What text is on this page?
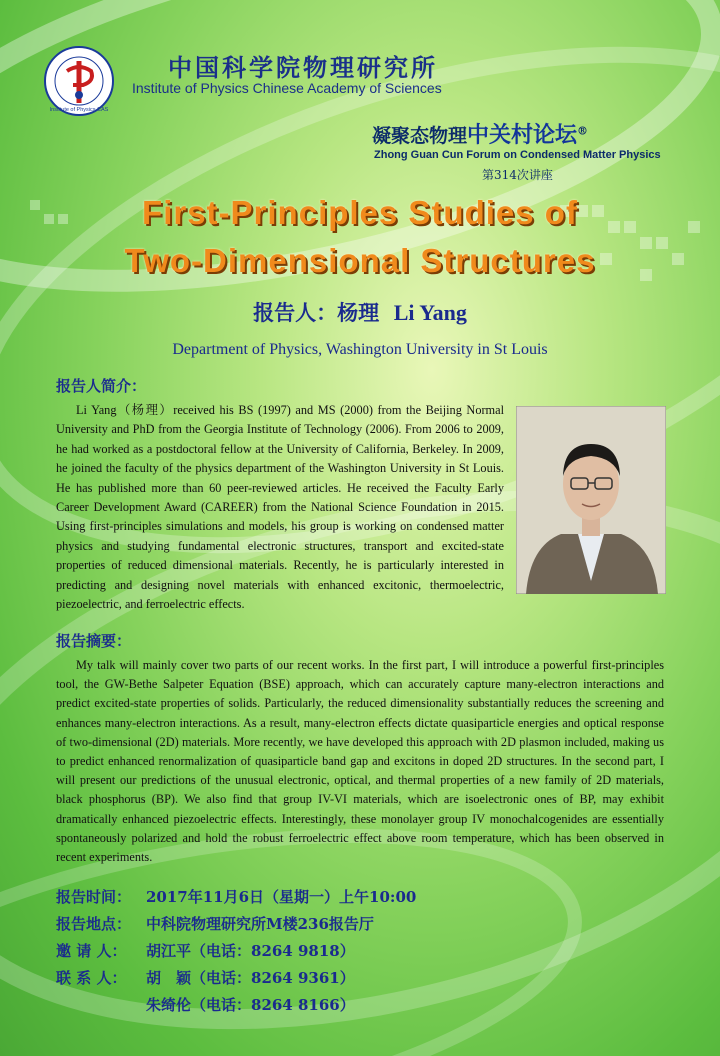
Institute of Physics CAS
中国科学院物理研究所
Institute of Physics Chinese Academy of Sciences
凝聚态物理中关村论坛®
Zhong Guan Cun Forum on Condensed Matter Physics
第314次讲座
First-Principles Studies of
Two-Dimensional Structures
报告人：杨理 Li Yang
Department of Physics, Washington University in St Louis
报告人简介：
Li Yang（杨理）received his BS (1997) and MS (2000) from the Beijing Normal University and PhD from the Georgia Institute of Technology (2006). From 2006 to 2009, he had worked as a postdoctoral fellow at the University of California, Berkeley. In 2009, he joined the faculty of the physics department of the Washington University in St Louis. He has published more than 60 peer-reviewed articles. He received the Faculty Early Career Development Award (CAREER) from the National Science Foundation in 2015. Using first-principles simulations and models, his group is working on condensed matter physics and studying fundamental electronic structures, transport and excited-state properties of reduced dimensional materials. Recently, he is particularly interested in predicting and designing novel materials with enhanced excitonic, thermoelectric, piezoelectric, and ferroelectric effects.
报告摘要：
My talk will mainly cover two parts of our recent works. In the first part, I will introduce a powerful first-principles tool, the GW-Bethe Salpeter Equation (BSE) approach, which can accurately capture many-electron interactions and predict excited-state properties of solids. Particularly, the reduced dimensionality substantially reduces the screening and enhances many-electron interactions. As a result, many-electron effects dictate quasiparticle energies and optical response of two-dimensional (2D) materials. More recently, we have developed this approach with 2D plasmon included, making us to predict enhanced renormalization of quasiparticle band gap and excitons in doped 2D structures. In the second part, I will present our predictions of the unusual electronic, optical, and thermal properties of a new family of 2D materials, black phosphorus (BP). We also find that group IV-VI materials, which are isoelectronic ones of BP, may exhibit dramatically enhanced piezoelectric effects. Interestingly, these monolayer group IV monochalcogenides are essentially spontaneously polarized and hold the robust ferroelectric effect above room temperature, which has been observed in recent experiments.
报告时间： 2017年11月6日（星期一）上午10:00
报告地点： 中科院物理研究所M楼236报告厅
邀 请 人： 胡江平（电话：8264 9818）
联 系 人： 胡　颖（电话：8264 9361）
朱绮伦（电话：8264 8166）
